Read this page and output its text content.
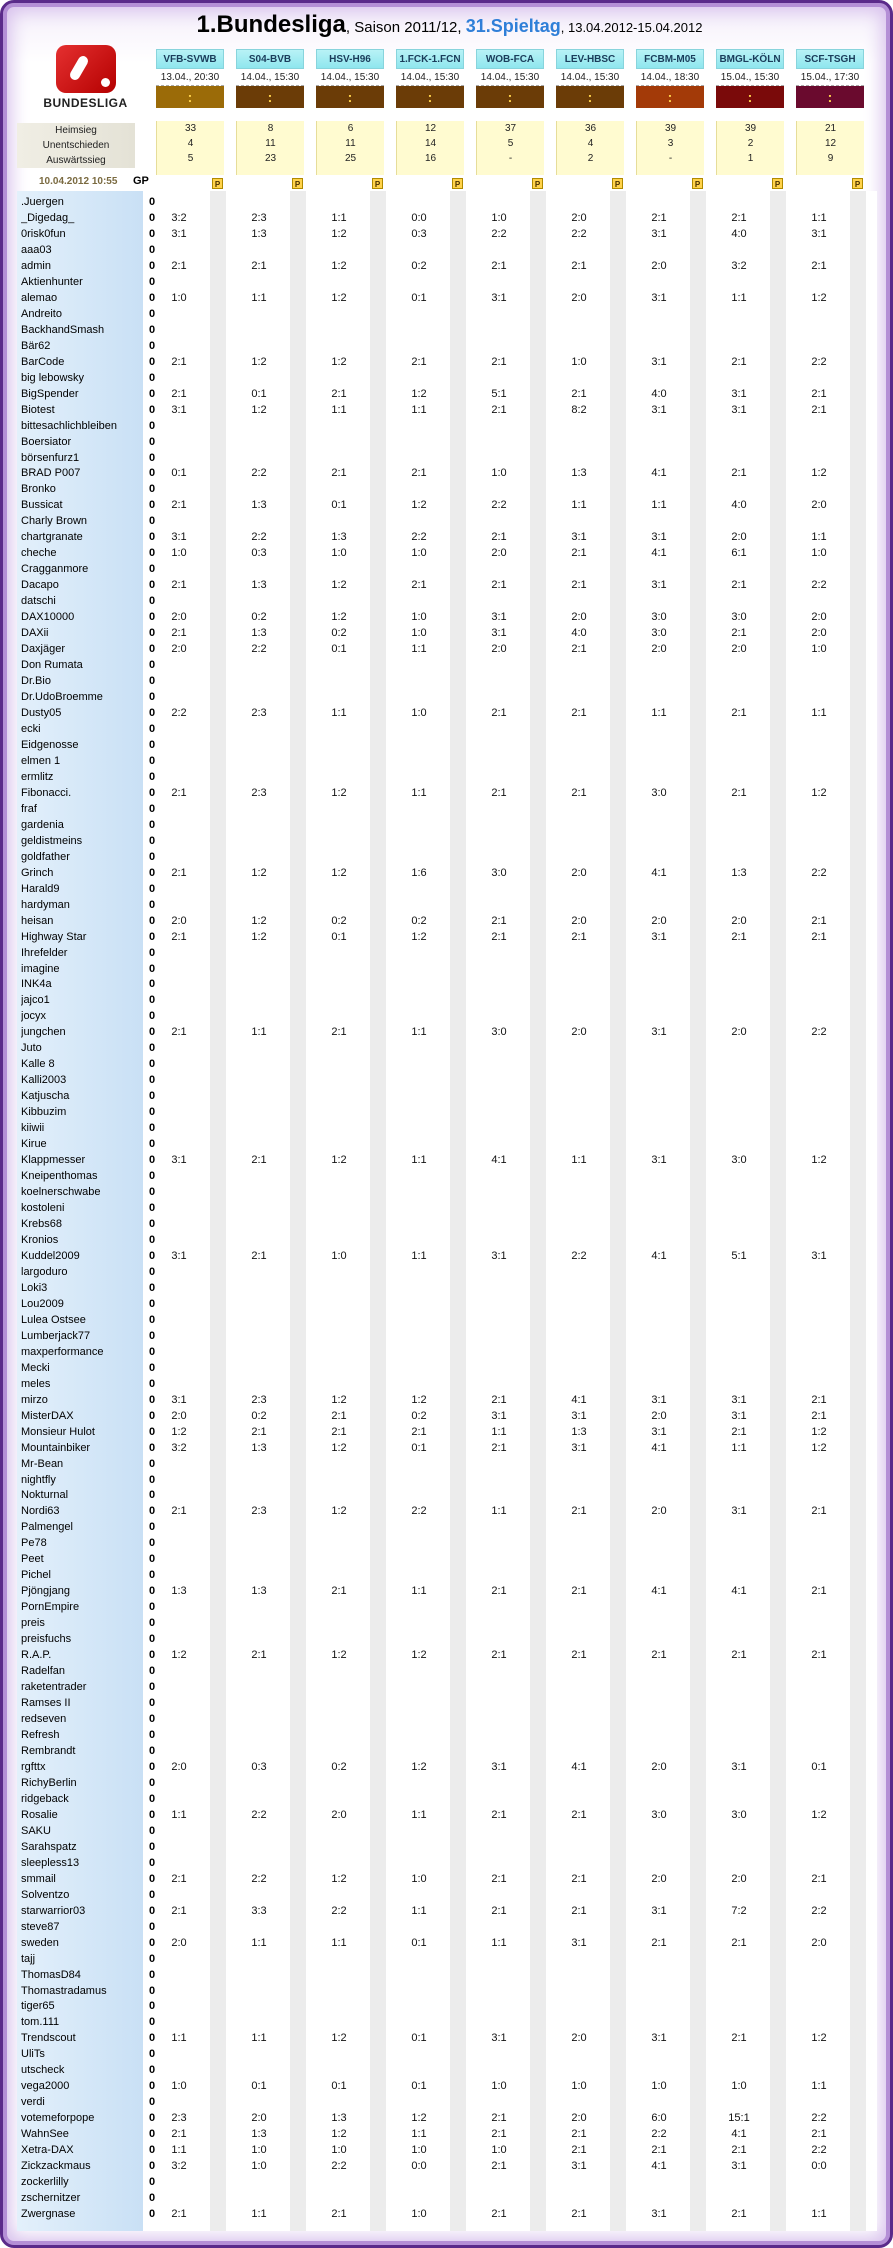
1.Bundesliga, Saison 2011/12, 31.Spieltag, 13.04.2012-15.04.2012
BUNDESLIGA
Heimsieg
Unentschieden
Auswärtssieg
10.04.2012 10:55 GP
VFB-SVWB
13.04., 20:30
:
33
4
5
P
S04-BVB
14.04., 15:30
:
8
11
23
P
HSV-H96
14.04., 15:30
:
6
11
25
P
1.FCK-1.FCN
14.04., 15:30
:
12
14
16
P
WOB-FCA
14.04., 15:30
:
37
5
-
P
LEV-HBSC
14.04., 15:30
:
36
4
2
P
FCBM-M05
14.04., 18:30
:
39
3
-
P
BMGL-KÖLN
15.04., 15:30
:
39
2
1
P
SCF-TSGH
15.04., 17:30
:
21
12
9
P
.Juergen
_Digedag_
0risk0fun
aaa03
admin
Aktienhunter
alemao
Andreito
BackhandSmash
Bär62
BarCode
big lebowsky
BigSpender
Biotest
bittesachlichbleiben
Boersiator
börsenfurz1
BRAD P007
Bronko
Bussicat
Charly Brown
chartgranate
cheche
Cragganmore
Dacapo
datschi
DAX10000
DAXii
Daxjäger
Don Rumata
Dr.Bio
Dr.UdoBroemme
Dusty05
ecki
Eidgenosse
elmen 1
ermlitz
Fibonacci.
fraf
gardenia
geldistmeins
goldfather
Grinch
Harald9
hardyman
heisan
Highway Star
Ihrefelder
imagine
INK4a
jajco1
jocyx
jungchen
Juto
Kalle 8
Kalli2003
Katjuscha
Kibbuzim
kiiwii
Kirue
Klappmesser
Kneipenthomas
koelnerschwabe
kostoleni
Krebs68
Kronios
Kuddel2009
largoduro
Loki3
Lou2009
Lulea Ostsee
Lumberjack77
maxperformance
Mecki
meles
mirzo
MisterDAX
Monsieur Hulot
Mountainbiker
Mr-Bean
nightfly
Nokturnal
Nordi63
Palmengel
Pe78
Peet
Pichel
Pjöngjang
PornEmpire
preis
preisfuchs
R.A.P.
Radelfan
raketentrader
Ramses II
redseven
Refresh
Rembrandt
rgfttx
RichyBerlin
ridgeback
Rosalie
SAKU
Sarahspatz
sleepless13
smmail
Solventzo
starwarrior03
steve87
sweden
tajj
ThomasD84
Thomastradamus
tiger65
tom.111
Trendscout
UliTs
utscheck
vega2000
verdi
votemeforpope
WahnSee
Xetra-DAX
Zickzackmaus
zockerlilly
zschernitzer
Zwergnase
0
0
0
0
0
0
0
0
0
0
0
0
0
0
0
0
0
0
0
0
0
0
0
0
0
0
0
0
0
0
0
0
0
0
0
0
0
0
0
0
0
0
0
0
0
0
0
0
0
0
0
0
0
0
0
0
0
0
0
0
0
0
0
0
0
0
0
0
0
0
0
0
0
0
0
0
0
0
0
0
0
0
0
0
0
0
0
0
0
0
0
0
0
0
0
0
0
0
0
0
0
0
0
0
0
0
0
0
0
0
0
0
0
0
0
0
0
0
0
0
0
0
0
0
0
0
0
3:2
3:1
2:1
1:0
2:1
2:1
3:1
0:1
2:1
3:1
1:0
2:1
2:0
2:1
2:0
2:2
2:1
2:1
2:0
2:1
2:1
3:1
3:1
3:1
2:0
1:2
3:2
2:1
1:3
1:2
2:0
1:1
2:1
2:1
2:0
1:1
1:0
2:3
2:1
1:1
3:2
2:1
2:3
1:3
2:1
1:1
1:2
0:1
1:2
2:2
1:3
2:2
0:3
1:3
0:2
1:3
2:2
2:3
2:3
1:2
1:2
1:2
1:1
2:1
2:1
2:3
0:2
2:1
1:3
2:3
1:3
2:1
0:3
2:2
2:2
3:3
1:1
1:1
0:1
2:0
1:3
1:0
1:0
1:1
1:1
1:2
1:2
1:2
1:2
2:1
1:1
2:1
0:1
1:3
1:0
1:2
1:2
0:2
0:1
1:1
1:2
1:2
0:2
0:1
2:1
1:2
1:0
1:2
2:1
2:1
1:2
1:2
2:1
1:2
0:2
2:0
1:2
2:2
1:1
1:2
0:1
1:3
1:2
1:0
2:2
2:1
0:0
0:3
0:2
0:1
2:1
1:2
1:1
2:1
1:2
2:2
1:0
2:1
1:0
1:0
1:1
1:0
1:1
1:6
0:2
1:2
1:1
1:1
1:1
1:2
0:2
2:1
0:1
2:2
1:1
1:2
1:2
1:1
1:0
1:1
0:1
0:1
0:1
1:2
1:1
1:0
0:0
1:0
1:0
2:2
2:1
3:1
2:1
5:1
2:1
1:0
2:2
2:1
2:0
2:1
3:1
3:1
2:0
2:1
2:1
3:0
2:1
2:1
3:0
4:1
3:1
2:1
3:1
1:1
2:1
1:1
2:1
2:1
3:1
2:1
2:1
2:1
1:1
3:1
1:0
2:1
2:1
1:0
2:1
2:1
2:0
2:2
2:1
2:0
1:0
2:1
8:2
1:3
1:1
3:1
2:1
2:1
2:0
4:0
2:1
2:1
2:1
2:0
2:0
2:1
2:0
1:1
2:2
4:1
3:1
1:3
3:1
2:1
2:1
2:1
4:1
2:1
2:1
2:1
3:1
2:0
1:0
2:0
2:1
2:1
3:1
2:1
2:1
3:1
2:0
3:1
3:1
4:0
3:1
4:1
1:1
3:1
4:1
3:1
3:0
3:0
2:0
1:1
3:0
4:1
2:0
3:1
3:1
3:1
4:1
3:1
2:0
3:1
4:1
2:0
4:1
2:1
2:0
3:0
2:0
3:1
2:1
3:1
1:0
6:0
2:2
2:1
4:1
3:1
2:1
4:0
3:2
1:1
2:1
3:1
3:1
2:1
4:0
2:0
6:1
2:1
3:0
2:1
2:0
2:1
2:1
1:3
2:0
2:1
2:0
3:0
5:1
3:1
3:1
2:1
1:1
3:1
4:1
2:1
3:1
3:0
2:0
7:2
2:1
2:1
1:0
15:1
4:1
2:1
3:1
2:1
1:1
3:1
2:1
1:2
2:2
2:1
2:1
1:2
2:0
1:1
1:0
2:2
2:0
2:0
1:0
1:1
1:2
2:2
2:1
2:1
2:2
1:2
3:1
2:1
2:1
1:2
1:2
2:1
2:1
2:1
0:1
1:2
2:1
2:2
2:0
1:2
1:1
2:2
2:1
2:2
0:0
1:1
